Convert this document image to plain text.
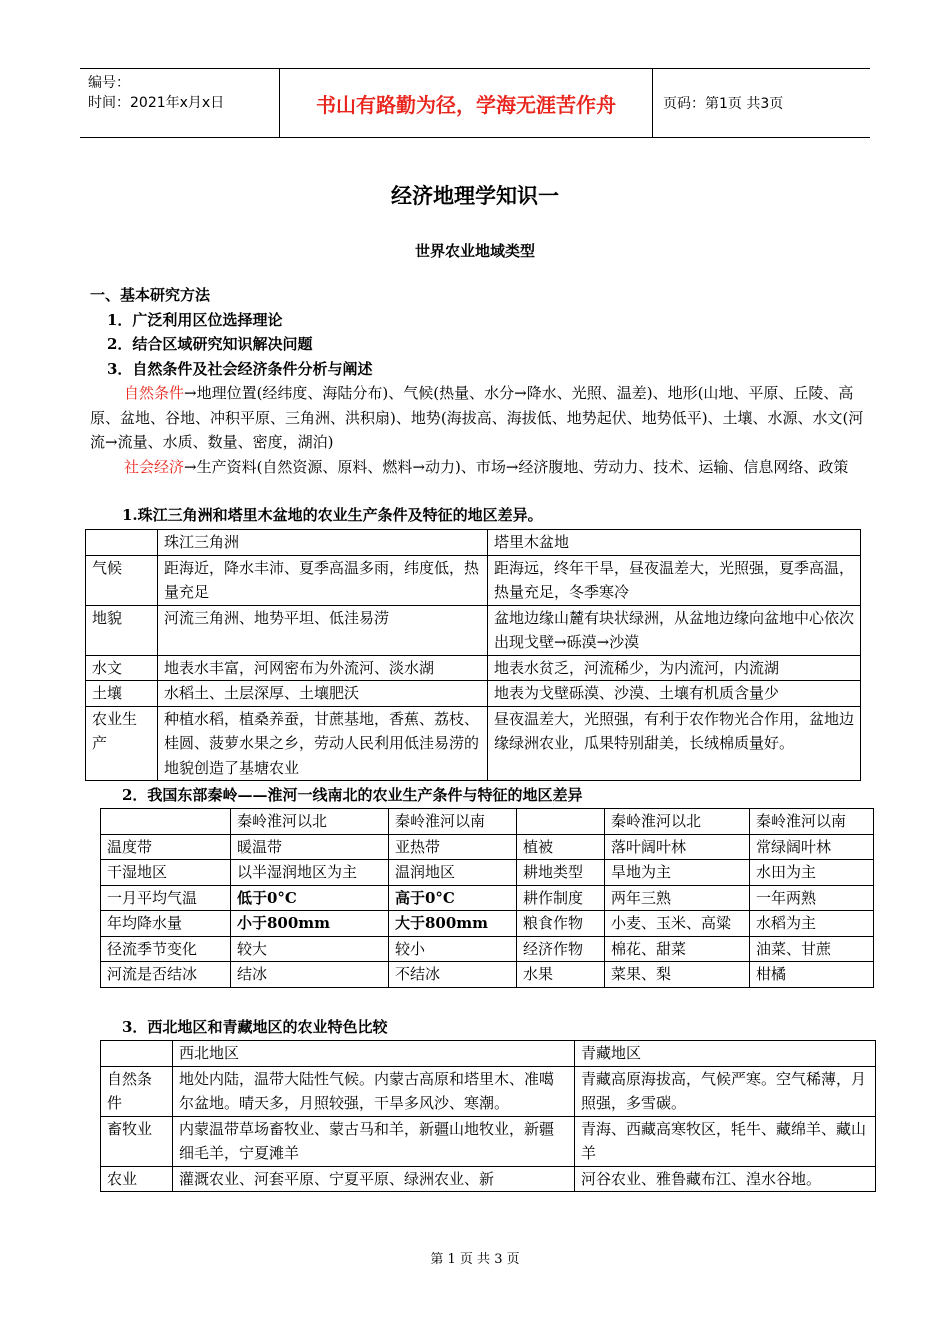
编号：
时间：2021年x月x日	书山有路勤为径，学海无涯苦作舟	页码：第1页 共3页
经济地理学知识一
世界农业地域类型
一、基本研究方法
1．广泛利用区位选择理论
2．结合区域研究知识解决问题
3．自然条件及社会经济条件分析与阐述
自然条件→地理位置(经纬度、海陆分布)、气候(热量、水分→降水、光照、温差)、地形(山地、平原、丘陵、高原、盆地、谷地、冲积平原、三角洲、洪积扇)、地势(海拔高、海拔低、地势起伏、地势低平)、土壤、水源、水文(河流→流量、水质、数量、密度，湖泊)
社会经济→生产资料(自然资源、原料、燃料→动力)、市场→经济腹地、劳动力、技术、运输、信息网络、政策
1.珠江三角洲和塔里木盆地的农业生产条件及特征的地区差异。
	珠江三角洲	塔里木盆地
气候	距海近，降水丰沛、夏季高温多雨，纬度低，热量充足	距海远，终年干旱，昼夜温差大，光照强，夏季高温，热量充足，冬季寒冷
地貌	河流三角洲、地势平坦、低洼易涝	盆地边缘山麓有块状绿洲，从盆地边缘向盆地中心依次出现戈壁→砾漠→沙漠
水文	地表水丰富，河网密布为外流河、淡水湖	地表水贫乏，河流稀少，为内流河，内流湖
土壤	水稻土、土层深厚、土壤肥沃	地表为戈壁砾漠、沙漠、土壤有机质含量少
农业生产	种植水稻，植桑养蚕，甘蔗基地，香蕉、荔枝、桂圆、菠萝水果之乡，劳动人民利用低洼易涝的地貌创造了基塘农业	昼夜温差大，光照强，有利于农作物光合作用，盆地边缘绿洲农业，瓜果特别甜美，长绒棉质量好。
2．我国东部秦岭——淮河一线南北的农业生产条件与特征的地区差异
	秦岭淮河以北	秦岭淮河以南		秦岭淮河以北	秦岭淮河以南
温度带	暖温带	亚热带	植被	落叶阔叶林	常绿阔叶林
干湿地区	以半湿润地区为主	温润地区	耕地类型	旱地为主	水田为主
一月平均气温	低于0°C	高于0°C	耕作制度	两年三熟	一年两熟
年均降水量	小于800mm	大于800mm	粮食作物	小麦、玉米、高粱	水稻为主
径流季节变化	较大	较小	经济作物	棉花、甜菜	油菜、甘蔗
河流是否结冰	结冰	不结冰	水果	菜果、梨	柑橘
3．西北地区和青藏地区的农业特色比较
	西北地区	青藏地区
自然条件	地处内陆，温带大陆性气候。内蒙古高原和塔里木、准噶尔盆地。晴天多，月照较强，干旱多风沙、寒潮。	青藏高原海拔高，气候严寒。空气稀薄，月照强，多雪碳。
畜牧业	内蒙温带草场畜牧业、蒙古马和羊，新疆山地牧业，新疆细毛羊，宁夏滩羊	青海、西藏高寒牧区，牦牛、藏绵羊、藏山羊
农业	灌溉农业、河套平原、宁夏平原、绿洲农业、新	河谷农业、雅鲁藏布江、湟水谷地。
第 1 页 共 3 页
